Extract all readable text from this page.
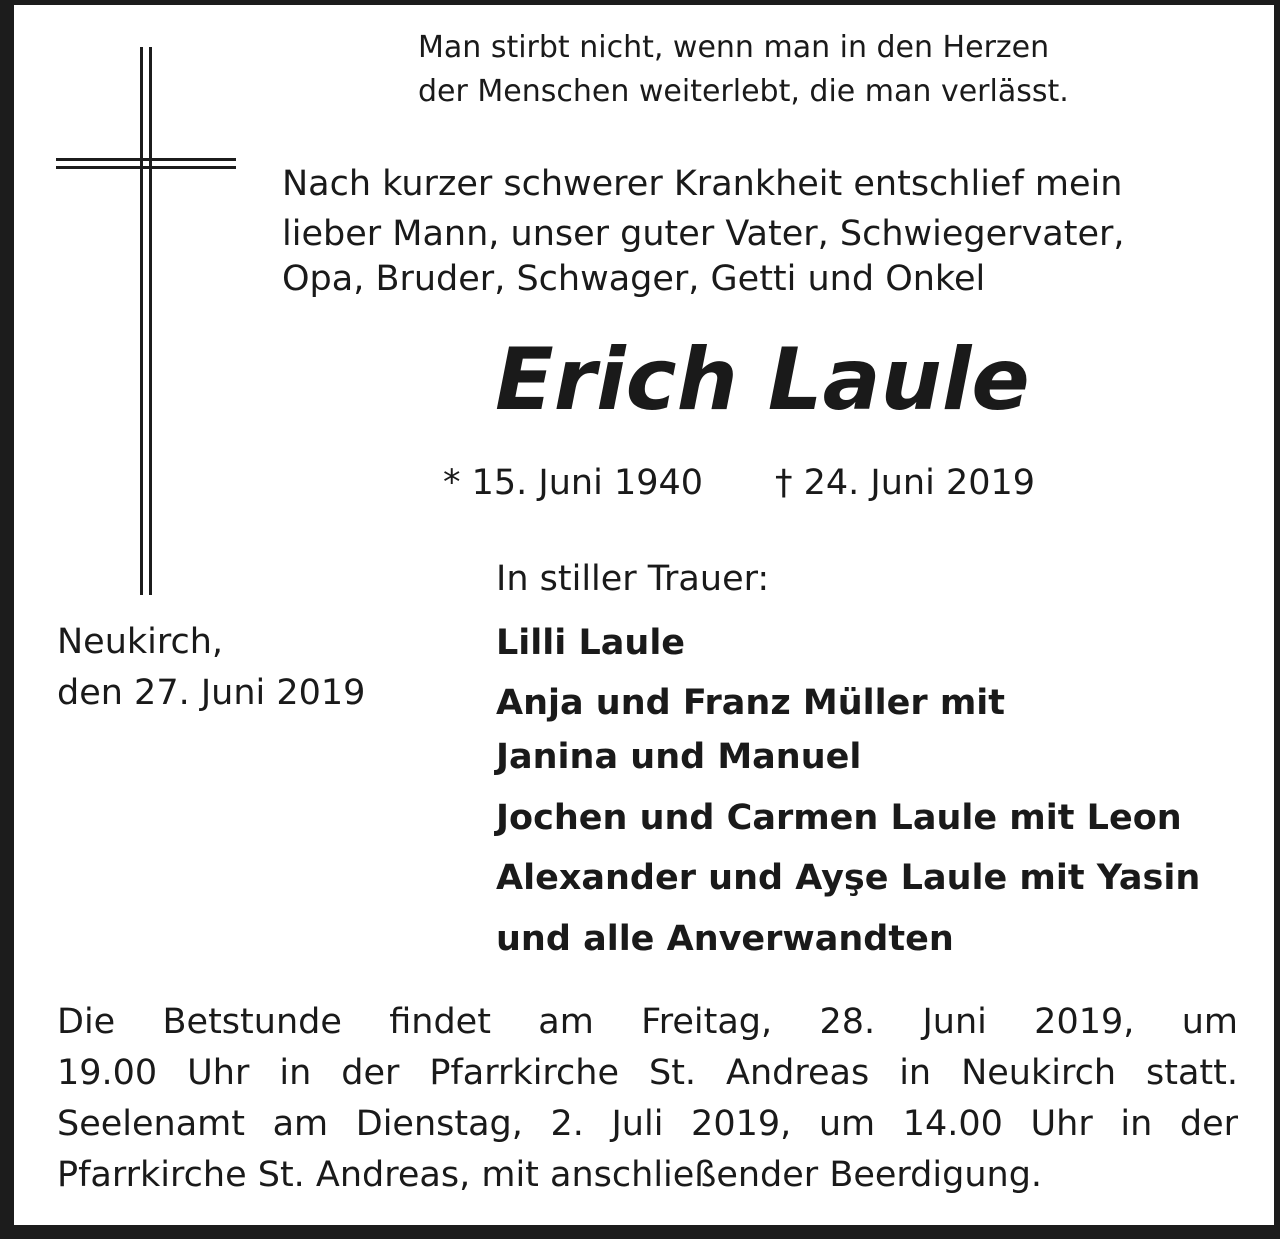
Man stirbt nicht, wenn man in den Herzen
der Menschen weiterlebt, die man verlässt.
Nach kurzer schwerer Krankheit entschlief mein
lieber Mann, unser guter Vater, Schwiegervater,
Opa, Bruder, Schwager, Getti und Onkel
Erich Laule
* 15. Juni 1940 † 24. Juni 2019
Neukirch,
den 27. Juni 2019
In stiller Trauer:
Lilli Laule
Anja und Franz Müller mit
Janina und Manuel
Jochen und Carmen Laule mit Leon
Alexander und Ayşe Laule mit Yasin
und alle Anverwandten
Die Betstunde findet am Freitag, 28. Juni 2019, um
19.00 Uhr in der Pfarrkirche St. Andreas in Neukirch statt.
Seelenamt am Dienstag, 2. Juli 2019, um 14.00 Uhr in der
Pfarrkirche St. Andreas, mit anschließender Beerdigung.
